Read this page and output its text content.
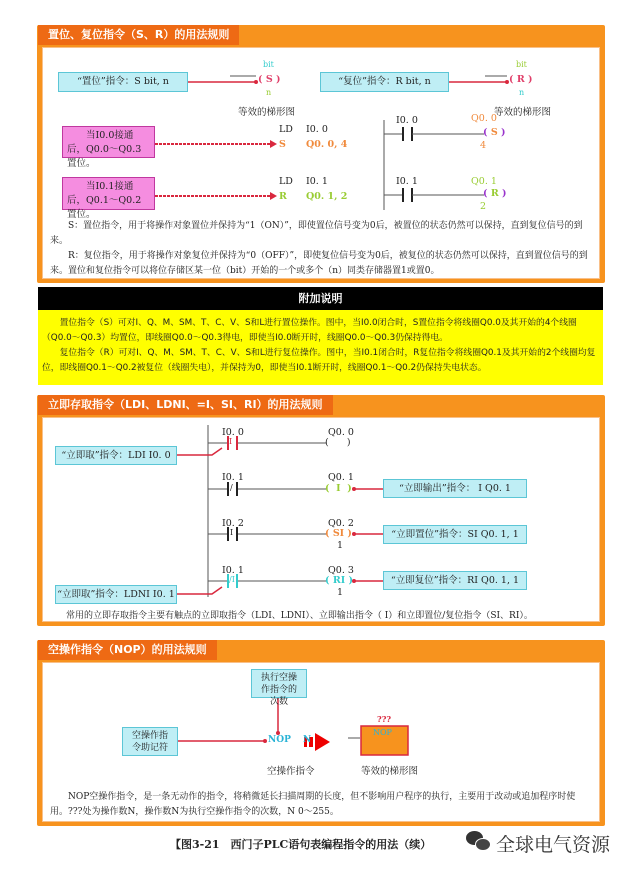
置位、复位指令（S、R）的用法规则
“置位”指令：S bit, n
bit
( S )
n
等效的梯形图
“复位”指令：R bit, n
bit
( R )
n
等效的梯形图
当I0.0接通后，Q0.0～Q0.3置位。
当I0.1接通后，Q0.1～Q0.2置位。
LD I0. 0
S Q0. 0, 4
LD I0. 1
R Q0. 1, 2
I0. 0	Q0. 0
( S )
4
I0. 1	Q0. 1
( R )
2
S：置位指令，用于将操作对象置位并保持为“1（ON）”，即使置位信号变为0后，被置位的状态仍然可以保持，直到复位信号的到来。
R：复位指令，用于将操作对象复位并保持为“0（OFF）”，即使复位信号变为0后，被复位的状态仍然可以保持，直到置位信号的到来。置位和复位指令可以将位存储区某一位（bit）开始的一个或多个（n）同类存储器置1或置0。
附加说明

置位指令（S）可对I、Q、M、SM、T、C、V、S和L进行置位操作。图中，当I0.0闭合时，S置位指令将线圈Q0.0及其开始的4个线圈（Q0.0～Q0.3）均置位，即线圈Q0.0～Q0.3得电，即使当I0.0断开时，线圈Q0.0～Q0.3仍保持得电。

复位指令（R）可对I、Q、M、SM、T、C、V、S和L进行复位操作。图中，当I0.1闭合时，R复位指令将线圈Q0.1及其开始的2个线圈均复位，即线圈Q0.1～Q0.2被复位（线圈失电），并保持为0，即使当I0.1断开时，线圈Q0.1～Q0.2仍保持失电状态。

立即存取指令（LDI、LDNI、=I、SI、RI）的用法规则
I0. 0
I
Q0. 0
(      )
I0. 1
/
Q0. 1
(  I  )
I0. 2
I
Q0. 2
( SI )
1
I0. 1
/I
Q0. 3
( RI )
1
“立即取”指令：LDI I0. 0
“立即取”指令：LDNI I0. 1
“立即输出”指令： I Q0. 1
“立即置位”指令：SI Q0. 1, 1
“立即复位”指令：RI Q0. 1, 1
常用的立即存取指令主要有触点的立即取指令（LDI、LDNI）、立即输出指令（ I）和立即置位/复位指令（SI、RI）。
空操作指令（NOP）的用法规则
执行空操作指令的次数
空操作指令助记符
NOP N
???
NOP
空操作指令	等效的梯形图
NOP空操作指令，是一条无动作的指令，将稍微延长扫描周期的长度，但不影响用户程序的执行，主要用于改动或追加程序时使用。???处为操作数N，操作数N为执行空操作指令的次数，N 0～255。
【图3-21　西门子PLC语句表编程指令的用法（续）	全球电气资源
